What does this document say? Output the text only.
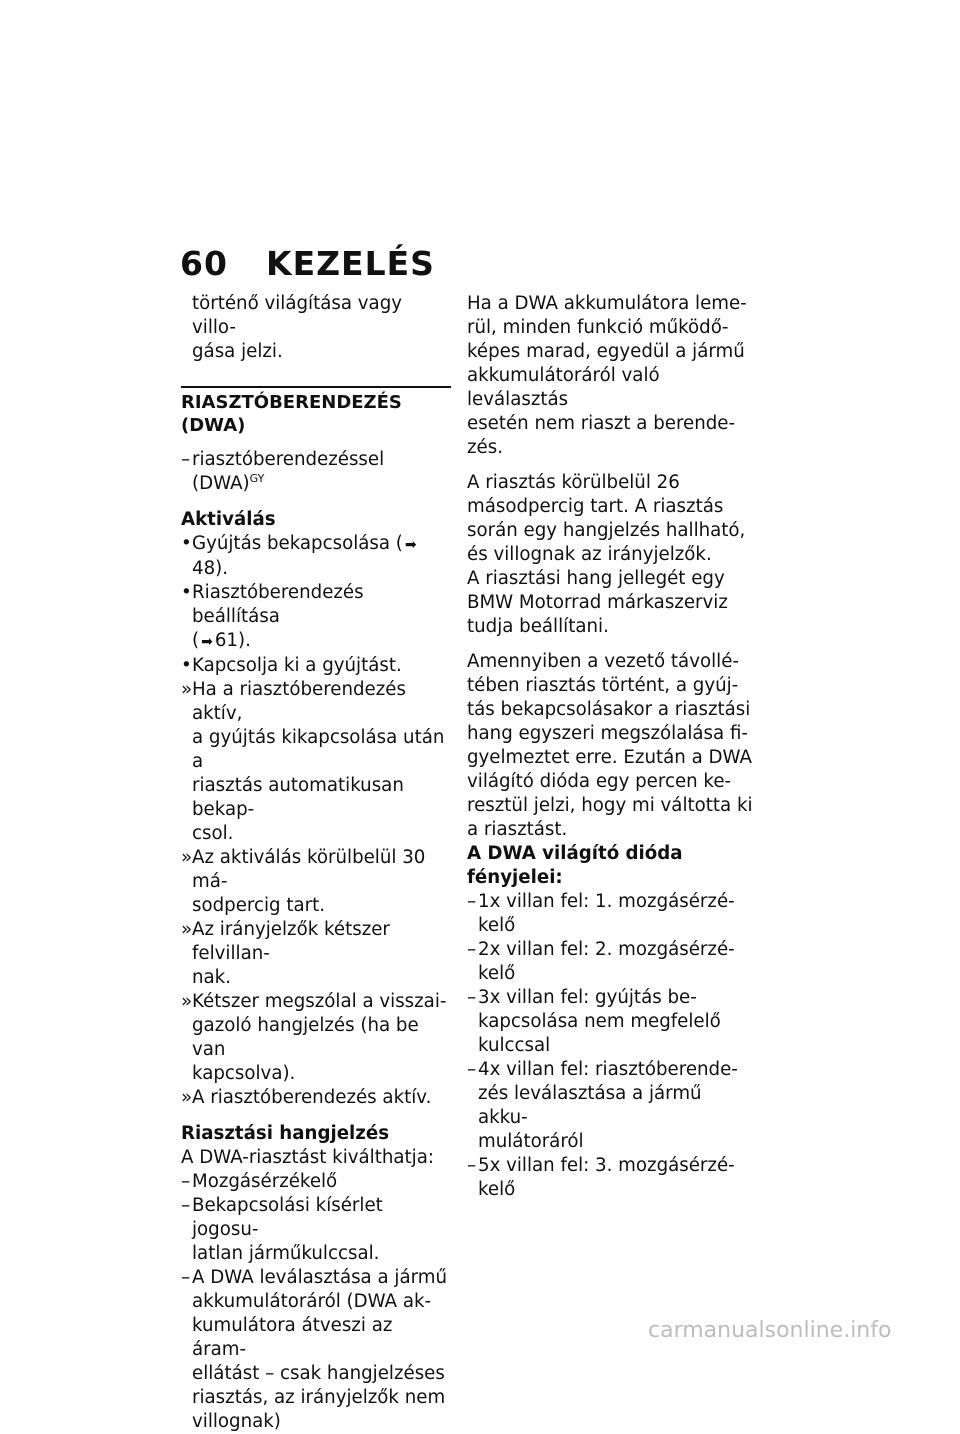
60 KEZELÉS
történő világítása vagy villo-
gása jelzi.
RIASZTÓBERENDEZÉS
(DWA)
– riasztóberendezéssel
(DWA)$^{GY}$
Aktiválás
• Gyújtás bekapcsolása ( ➡48).
• Riasztóberendezés beállítása
( ➡ 61).
• Kapcsolja ki a gyújtást.
» Ha a riasztóberendezés aktív,
a gyújtás kikapcsolása után a
riasztás automatikusan bekap-
csol.
» Az aktiválás körülbelül 30 má-
sodpercig tart.
» Az irányjelzők kétszer felvillan-
nak.
» Kétszer megszólal a visszai-
gazoló hangjelzés (ha be van
kapcsolva).
» A riasztóberendezés aktív.
Riasztási hangjelzés
A DWA-riasztást kiválthatja:
– Mozgásérzékelő
– Bekapcsolási kísérlet jogosu-
latlan járműkulccsal.
– A DWA leválasztása a jármű
akkumulátoráról (DWA ak-
kumulátora átveszi az áram-
ellátást – csak hangjelzéses
riasztás, az irányjelzők nem
villognak)
Ha a DWA akkumulátora leme-
rül, minden funkció működő-
képes marad, egyedül a jármű
akkumulátoráról való leválasztás
esetén nem riaszt a berende-
zés.
A riasztás körülbelül 26
másodpercig tart. A riasztás
során egy hangjelzés hallható,
és villognak az irányjelzők.
A riasztási hang jellegét egy
BMW Motorrad márkaszerviz
tudja beállítani.
Amennyiben a vezető távollé-
tében riasztás történt, a gyúj-
tás bekapcsolásakor a riasztási
hang egyszeri megszólalása fi-
gyelmeztet erre. Ezután a DWA
világító dióda egy percen ke-
resztül jelzi, hogy mi váltotta ki
a riasztást.
A DWA világító dióda
fényjelei:
– 1x villan fel: 1. mozgásérzé-
kelő
– 2x villan fel: 2. mozgásérzé-
kelő
– 3x villan fel: gyújtás be-
kapcsolása nem megfelelő
kulccsal
– 4x villan fel: riasztóberende-
zés leválasztása a jármű akku-
mulátoráról
– 5x villan fel: 3. mozgásérzé-
kelő
carmanualsonline.info
